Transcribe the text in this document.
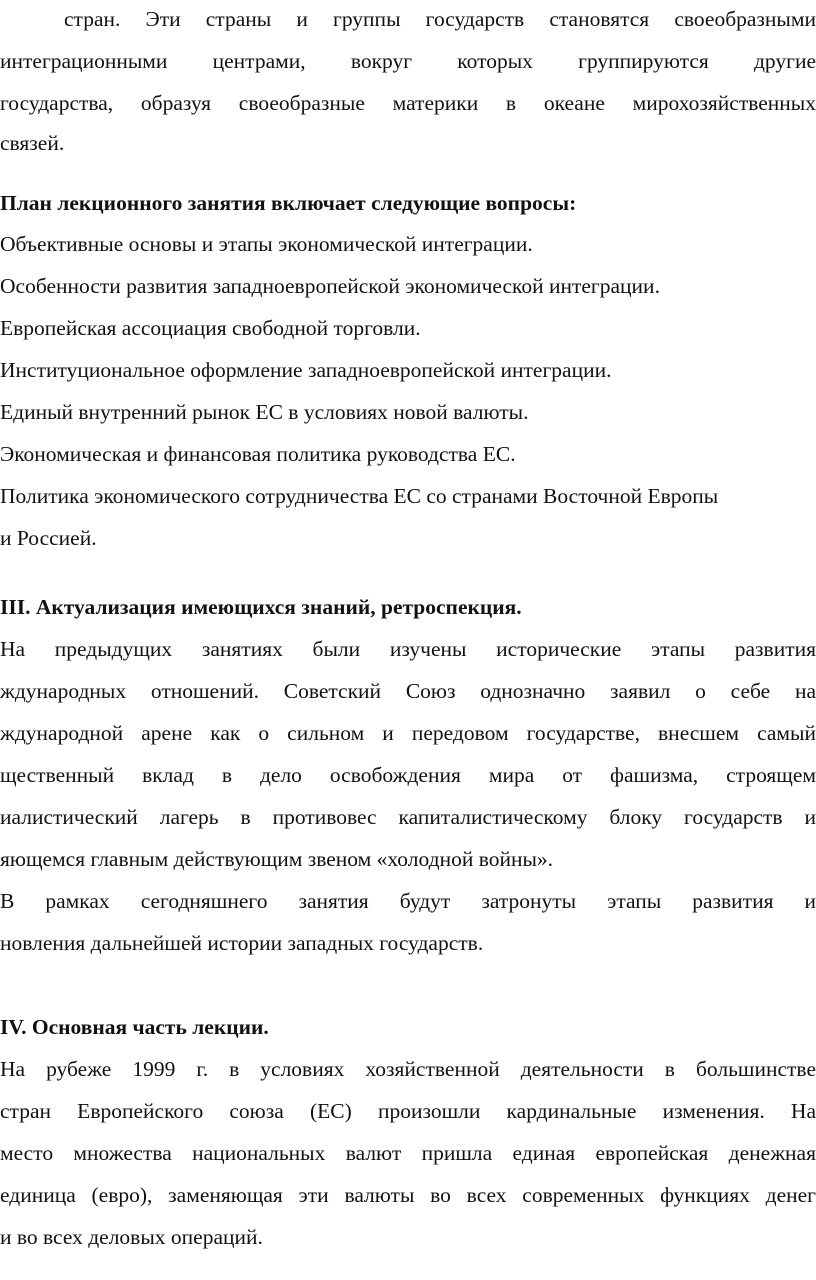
стран. Эти страны и группы государств становятся своеобразными
интеграционными центрами, вокруг которых группируются другие
государства, образуя своеобразные материки в океане мирохозяйственных
связей.
План лекционного занятия включает следующие вопросы:
Объективные основы и этапы экономической интеграции.
Особенности развития западноевропейской экономической интеграции.
Европейская ассоциация свободной торговли.
Институциональное оформление западноевропейской интеграции.
Единый внутренний рынок ЕС в условиях новой валюты.
Экономическая и финансовая политика руководства ЕС.
Политика экономического сотрудничества ЕС со странами Восточной Европы
и Россией.
III. Актуализация имеющихся знаний, ретроспекция.
На предыдущих занятиях были изучены исторические этапы развития
ждународных отношений. Советский Союз однозначно заявил о себе на
ждународной арене как о сильном и передовом государстве, внесшем самый
щественный вклад в дело освобождения мира от фашизма, строящем
иалистический лагерь в противовес капиталистическому блоку государств и
яющемся главным действующим звеном «холодной войны».
В рамках сегодняшнего занятия будут затронуты этапы развития и
новления дальнейшей истории западных государств.
IV. Основная часть лекции.
На рубеже 1999 г. в условиях хозяйственной деятельности в большинстве
стран Европейского союза (ЕС) произошли кардинальные изменения. На
место множества национальных валют пришла единая европейская денежная
единица (евро), заменяющая эти валюты во всех современных функциях денег
и во всех деловых операций.
